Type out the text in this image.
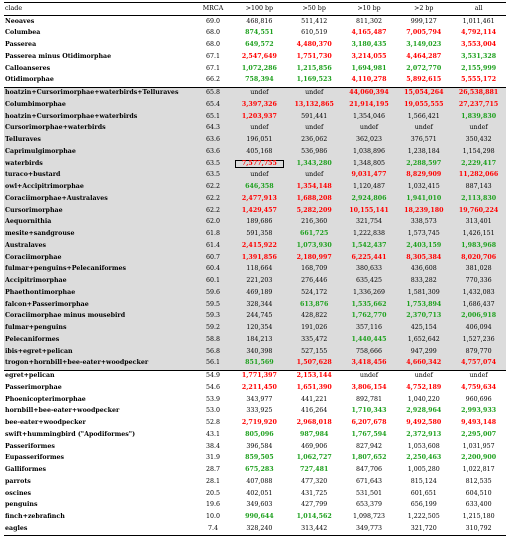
clade	MRCA	>100 bp	>50 bp	>10 bp	>2 bp	all
Neoaves	69.0	468,816	511,412	811,302	999,127	1,011,461
Columbea	68.0	874,551	610,519	4,165,487	7,005,794	4,792,114
Passerea	68.0	649,572	4,480,370	3,180,435	3,149,023	3,553,004
Passerea minus Otidimorphae	67.1	2,547,649	1,751,730	3,214,055	4,464,287	3,531,328
Calloanseres	67.1	1,072,286	1,215,856	1,694,981	2,072,770	2,155,999
Otidimorphae	66.2	758,394	1,169,523	4,110,278	5,892,615	5,555,172
hoatzin+Cursorimorphae+waterbirds+Telluraves	65.8	undef	undef	44,060,394	15,054,264	26,538,881
Columbimorphae	65.4	3,397,326	13,132,865	21,914,195	19,055,555	27,237,715
hoatzin+Cursorimorphae+waterbirds	65.1	1,203,937	591,441	1,354,046	1,566,421	1,839,830
Cursorimorphae+waterbirds	64.3	undef	undef	undef	undef	undef
Telluraves	63.6	196,051	236,062	362,023	376,571	350,432
Caprimulgimorphae	63.6	405,168	536,986	1,038,896	1,238,184	1,154,298
waterbirds	63.5	7,577,755	1,343,280	1,348,805	2,288,597	2,229,417
turaco+bustard	63.5	undef	undef	9,031,477	8,829,909	11,282,066
owl+Accipitrimorphae	62.2	646,358	1,354,148	1,120,487	1,032,415	887,143
Coraciimorphae+Australaves	62.2	2,477,913	1,688,208	2,924,806	1,941,010	2,113,830
Cursorimorphae	62.2	1,429,457	5,282,209	10,155,141	18,239,180	19,760,224
Aequornithia	62.0	189,686	216,360	321,754	338,573	313,401
mesite+sandgrouse	61.8	591,358	661,725	1,222,838	1,573,745	1,426,151
Australaves	61.4	2,415,922	1,073,930	1,542,437	2,403,159	1,983,968
Coraciimorphae	60.7	1,391,856	2,180,997	6,225,441	8,305,384	8,020,706
fulmar+penguins+Pelecaniformes	60.4	118,664	168,709	380,633	436,608	381,028
Accipitrimorphae	60.1	221,203	276,446	635,425	833,282	770,336
Phaethontimorphae	59.6	469,189	524,172	1,336,269	1,581,309	1,432,083
falcon+Passerimorphae	59.5	328,344	613,876	1,535,662	1,753,894	1,686,437
Coraciimorphae minus mousebird	59.3	244,745	428,822	1,762,770	2,370,713	2,006,918
fulmar+penguins	59.2	120,354	191,026	357,116	425,154	406,094
Pelecaniformes	58.8	184,213	335,472	1,440,445	1,652,642	1,527,236
ibis+egret+pelican	56.8	340,398	527,155	758,666	947,299	879,770
trogon+hornbill+bee-eater+woodpecker	56.1	851,569	1,507,628	3,418,456	4,660,342	4,757,074
egret+pelican	54.9	1,771,397	2,153,144	undef	undef	undef
Passerimorphae	54.6	2,211,450	1,651,390	3,806,154	4,752,189	4,759,634
Phoenicopterimorphae	53.9	343,977	441,221	892,781	1,040,220	960,696
hornbill+bee-eater+woodpecker	53.0	333,925	416,264	1,710,343	2,928,964	2,993,933
bee-eater+woodpecker	52.8	2,719,920	2,968,018	6,207,678	9,492,580	9,493,148
swift+hummingbird ("Apodiformes")	43.1	805,096	987,984	1,767,594	2,372,913	2,295,007
Passeriformes	38.4	396,584	469,906	827,942	1,053,608	1,031,957
Eupasseriformes	31.9	859,505	1,062,727	1,807,652	2,250,463	2,200,900
Galliformes	28.7	675,283	727,481	847,706	1,005,280	1,022,817
parrots	28.1	407,088	477,320	671,643	815,124	812,535
oscines	20.5	402,051	431,725	531,501	601,651	604,510
penguins	19.6	349,603	427,799	653,379	656,199	633,400
finch+zebrafinch	10.0	990,644	1,014,562	1,098,723	1,222,505	1,215,180
eagles	7.4	328,240	313,442	349,773	321,720	310,792
